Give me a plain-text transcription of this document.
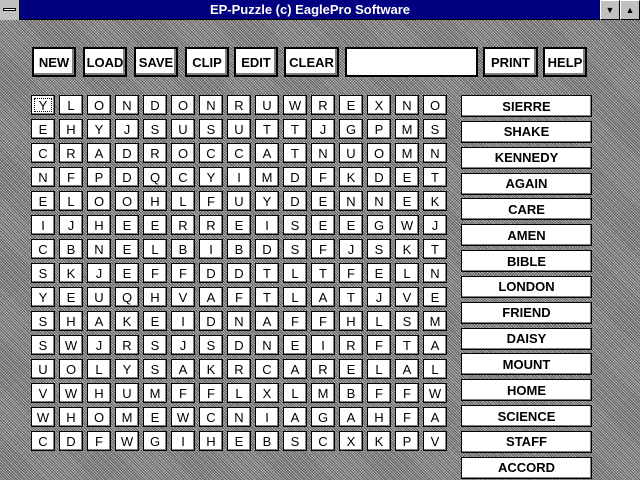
EP-Puzzle (c) EaglePro Software	▼	▲
NEW	LOAD	SAVE	CLIP	EDIT	CLEAR	PRINT	HELP
Y	L	O	N	D	O	N	R	U	W	R	E	X	N	O
E	H	Y	J	S	U	S	U	T	T	J	G	P	M	S
C	R	A	D	R	O	C	C	A	T	N	U	O	M	N
N	F	P	D	Q	C	Y	I	M	D	F	K	D	E	T
E	L	O	O	H	L	F	U	Y	D	E	N	N	E	K
I	J	H	E	E	R	R	E	I	S	E	E	G	W	J
C	B	N	E	L	B	I	B	D	S	F	J	S	K	T
S	K	J	E	F	F	D	D	T	L	T	F	E	L	N
Y	E	U	Q	H	V	A	F	T	L	A	T	J	V	E
S	H	A	K	E	I	D	N	A	F	F	H	L	S	M
S	W	J	R	S	J	S	D	N	E	I	R	F	T	A
U	O	L	Y	S	A	K	R	C	A	R	E	L	A	L
V	W	H	U	M	F	F	L	X	L	M	B	F	F	W
W	H	O	M	E	W	C	N	I	A	G	A	H	F	A
C	D	F	W	G	I	H	E	B	S	C	X	K	P	V
SIERRE
SHAKE
KENNEDY
AGAIN
CARE
AMEN
BIBLE
LONDON
FRIEND
DAISY
MOUNT
HOME
SCIENCE
STAFF
ACCORD
